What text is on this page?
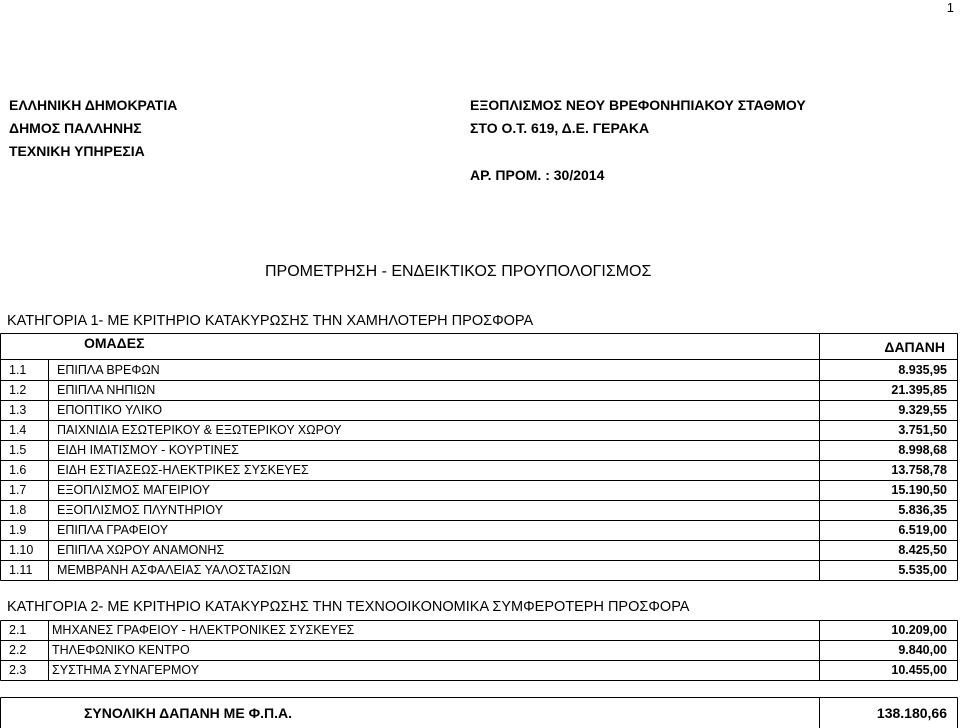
1
ΕΛΛΗΝΙΚΗ ΔΗΜΟΚΡΑΤΙΑ
ΔΗΜΟΣ ΠΑΛΛΗΝΗΣ
ΤΕΧΝΙΚΗ ΥΠΗΡΕΣΙΑ
ΕΞΟΠΛΙΣΜΟΣ ΝΕΟΥ ΒΡΕΦΟΝΗΠΙΑΚΟΥ ΣΤΑΘΜΟΥ
ΣΤΟ Ο.Τ. 619, Δ.Ε. ΓΕΡΑΚΑ
ΑΡ. ΠΡΟΜ. : 30/2014
ΠΡΟΜΕΤΡΗΣΗ - ΕΝΔΕΙΚΤΙΚΟΣ ΠΡΟΥΠΟΛΟΓΙΣΜΟΣ
ΚΑΤΗΓΟΡΙΑ 1- ΜΕ ΚΡΙΤΗΡΙΟ ΚΑΤΑΚΥΡΩΣΗΣ ΤΗΝ ΧΑΜΗΛΟΤΕΡΗ ΠΡΟΣΦΟΡΑ
ΟΜΑΔΕΣ	ΔΑΠΑΝΗ
1.1 ΕΠΙΠΛΑ ΒΡΕΦΩΝ	8.935,95
1.2 ΕΠΙΠΛΑ ΝΗΠΙΩΝ	21.395,85
1.3 ΕΠΟΠΤΙΚΟ ΥΛΙΚΟ	9.329,55
1.4 ΠΑΙΧΝΙΔΙΑ ΕΣΩΤΕΡΙΚΟΥ & ΕΞΩΤΕΡΙΚΟΥ ΧΩΡΟΥ	3.751,50
1.5 ΕΙΔΗ ΙΜΑΤΙΣΜΟΥ - ΚΟΥΡΤΙΝΕΣ	8.998,68
1.6 ΕΙΔΗ ΕΣΤΙΑΣΕΩΣ-ΗΛΕΚΤΡΙΚΕΣ ΣΥΣΚΕΥΕΣ	13.758,78
1.7 ΕΞΟΠΛΙΣΜΟΣ ΜΑΓΕΙΡΙΟΥ	15.190,50
1.8 ΕΞΟΠΛΙΣΜΟΣ ΠΛΥΝΤΗΡΙΟΥ	5.836,35
1.9 ΕΠΙΠΛΑ ΓΡΑΦΕΙΟΥ	6.519,00
1.10 ΕΠΙΠΛΑ ΧΩΡΟΥ ΑΝΑΜΟΝΗΣ	8.425,50
1.11 ΜΕΜΒΡΑΝΗ ΑΣΦΑΛΕΙΑΣ ΥΑΛΟΣΤΑΣΙΩΝ	5.535,00
ΚΑΤΗΓΟΡΙΑ 2- ΜΕ ΚΡΙΤΗΡΙΟ ΚΑΤΑΚΥΡΩΣΗΣ ΤΗΝ ΤΕΧΝΟΟΙΚΟΝΟΜΙΚΑ ΣΥΜΦΕΡΟΤΕΡΗ ΠΡΟΣΦΟΡΑ
2.1 ΜΗΧΑΝΕΣ ΓΡΑΦΕΙΟΥ - ΗΛΕΚΤΡΟΝΙΚΕΣ ΣΥΣΚΕΥΕΣ	10.209,00
2.2 ΤΗΛΕΦΩΝΙΚΟ ΚΕΝΤΡΟ	9.840,00
2.3 ΣΥΣΤΗΜΑ ΣΥΝΑΓΕΡΜΟΥ	10.455,00
ΣΥΝΟΛΙΚΗ ΔΑΠΑΝΗ ΜΕ Φ.Π.Α.	138.180,66
